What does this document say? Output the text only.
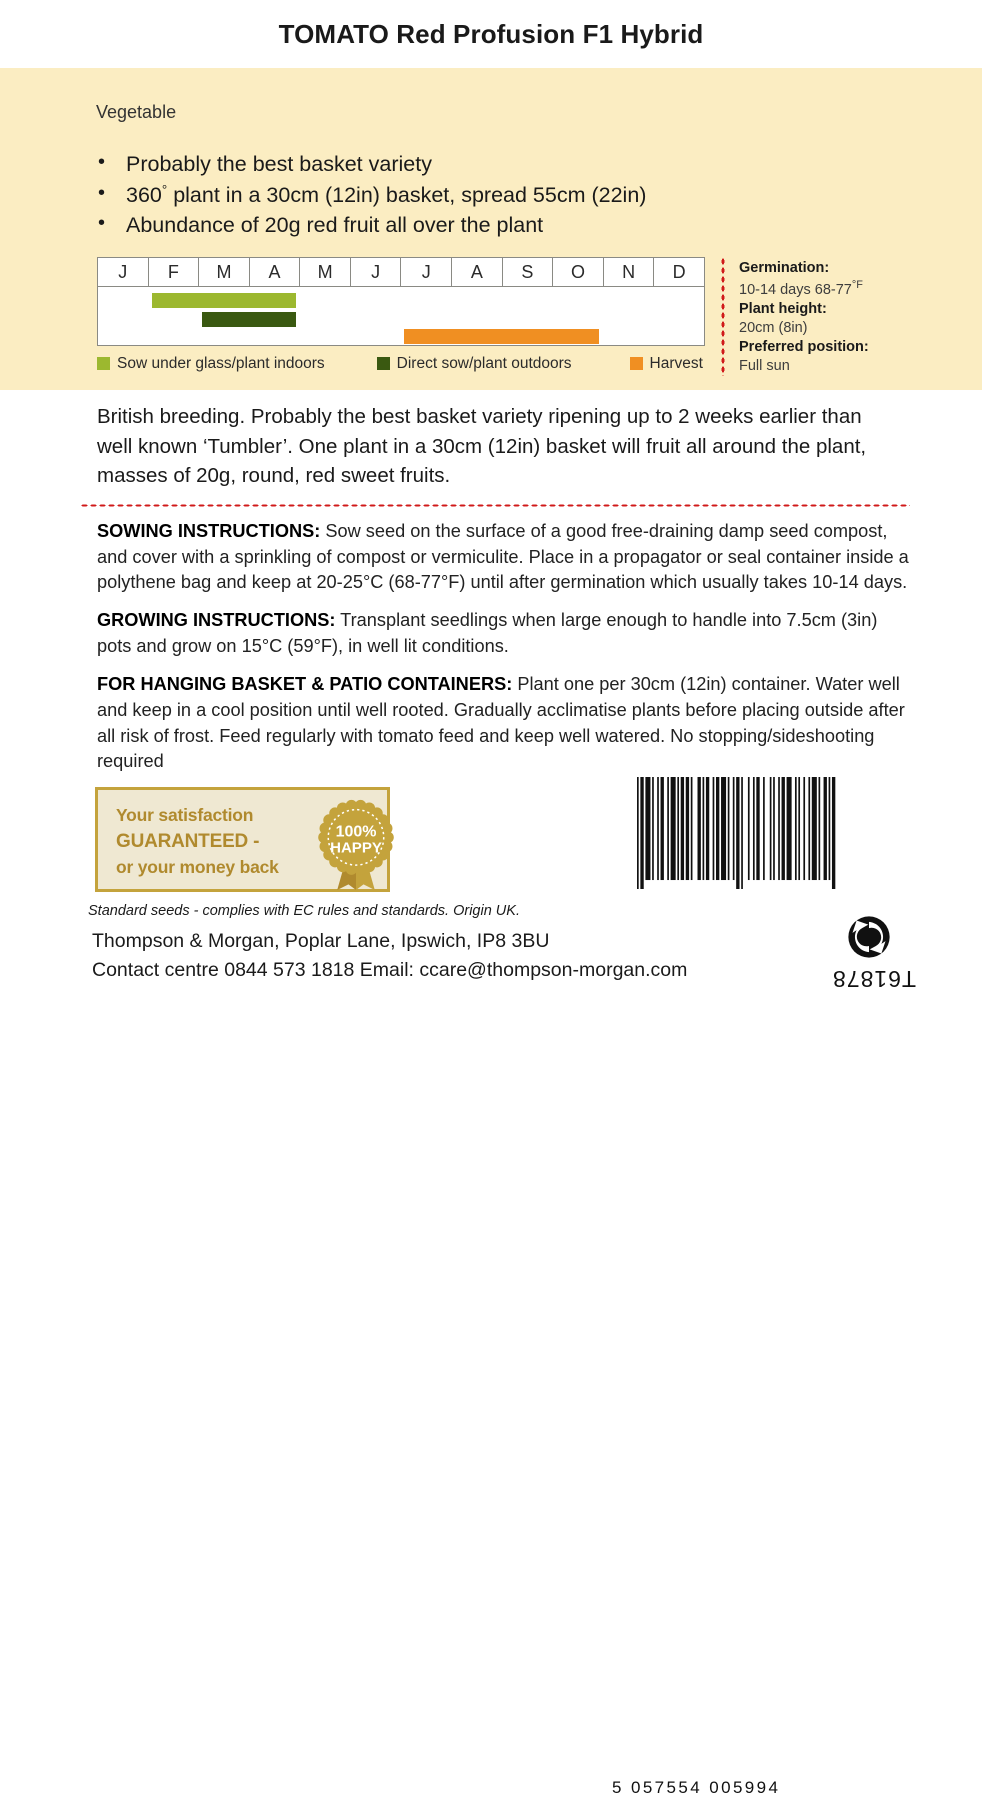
TOMATO Red Profusion F1 Hybrid
Vegetable
• Probably the best basket variety
• 360° plant in a 30cm (12in) basket, spread 55cm (22in)
• Abundance of 20g red fruit all over the plant
J	F	M	A	M	J	J	A	S	O	N	D
Sow under glass/plant indoors	Direct sow/plant outdoors	Harvest
Germination:
10-14 days $68-77^{^\circ F}$
Plant height:
20cm (8in)
Preferred position:
Full sun
British breeding. Probably the best basket variety ripening up to 2 weeks earlier than well known ‘Tumbler’. One plant in a 30cm (12in) basket will fruit all around the plant, masses of 20g, round, red sweet fruits.
SOWING INSTRUCTIONS: Sow seed on the surface of a good free-draining damp seed compost, and cover with a sprinkling of compost or vermiculite. Place in a propagator or seal container inside a polythene bag and keep at 20-25°C (68-77°F) until after germination which usually takes 10-14 days.
GROWING INSTRUCTIONS: Transplant seedlings when large enough to handle into 7.5cm (3in) pots and grow on 15°C (59°F), in well lit conditions.
FOR HANGING BASKET & PATIO CONTAINERS: Plant one per 30cm (12in) container. Water well and keep in a cool position until well rooted. Gradually acclimatise plants before placing outside after all risk of frost. Feed regularly with tomato feed and keep well watered. No stopping/sideshooting required
Your satisfaction
GUARANTEED -
or your money back
100%
HAPPY
5 057554 005994
Standard seeds - complies with EC rules and standards. Origin UK.
Thompson & Morgan, Poplar Lane, Ipswich, IP8 3BU
Contact centre 0844 573 1818 Email: ccare@thompson-morgan.com	T61878
